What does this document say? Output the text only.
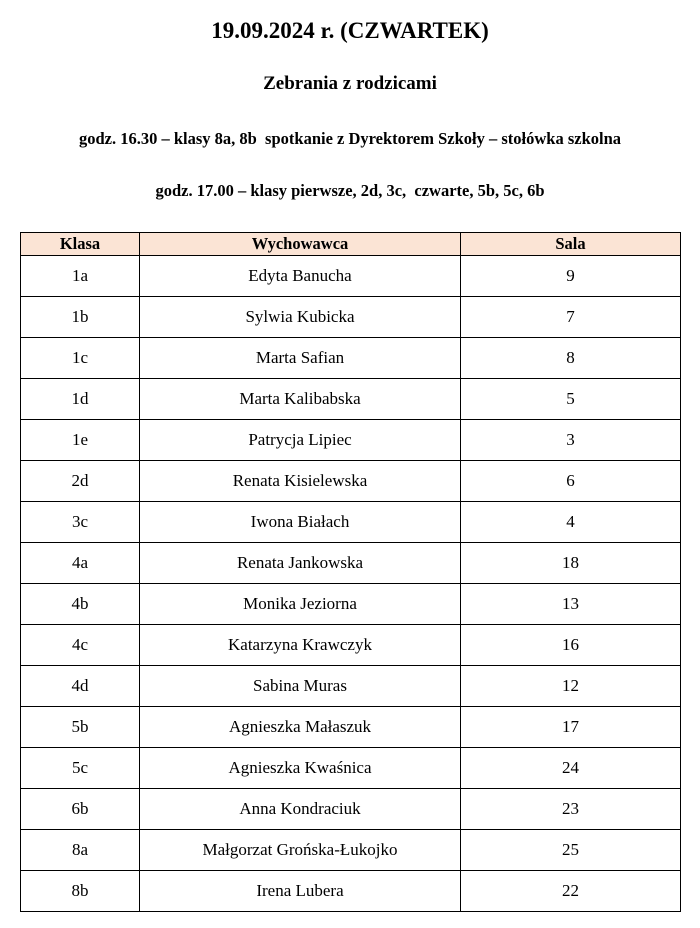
19.09.2024 r. (CZWARTEK)
Zebrania z rodzicami
godz. 16.30 – klasy 8a, 8b  spotkanie z Dyrektorem Szkoły – stołówka szkolna
godz. 17.00 – klasy pierwsze, 2d, 3c,  czwarte, 5b, 5c, 6b
Klasa	Wychowawca	Sala
1a	Edyta Banucha	9
1b	Sylwia Kubicka	7
1c	Marta Safian	8
1d	Marta Kalibabska	5
1e	Patrycja Lipiec	3
2d	Renata Kisielewska	6
3c	Iwona Białach	4
4a	Renata Jankowska	18
4b	Monika Jeziorna	13
4c	Katarzyna Krawczyk	16
4d	Sabina Muras	12
5b	Agnieszka Małaszuk	17
5c	Agnieszka Kwaśnica	24
6b	Anna Kondraciuk	23
8a	Małgorzat Grońska-Łukojko	25
8b	Irena Lubera	22
